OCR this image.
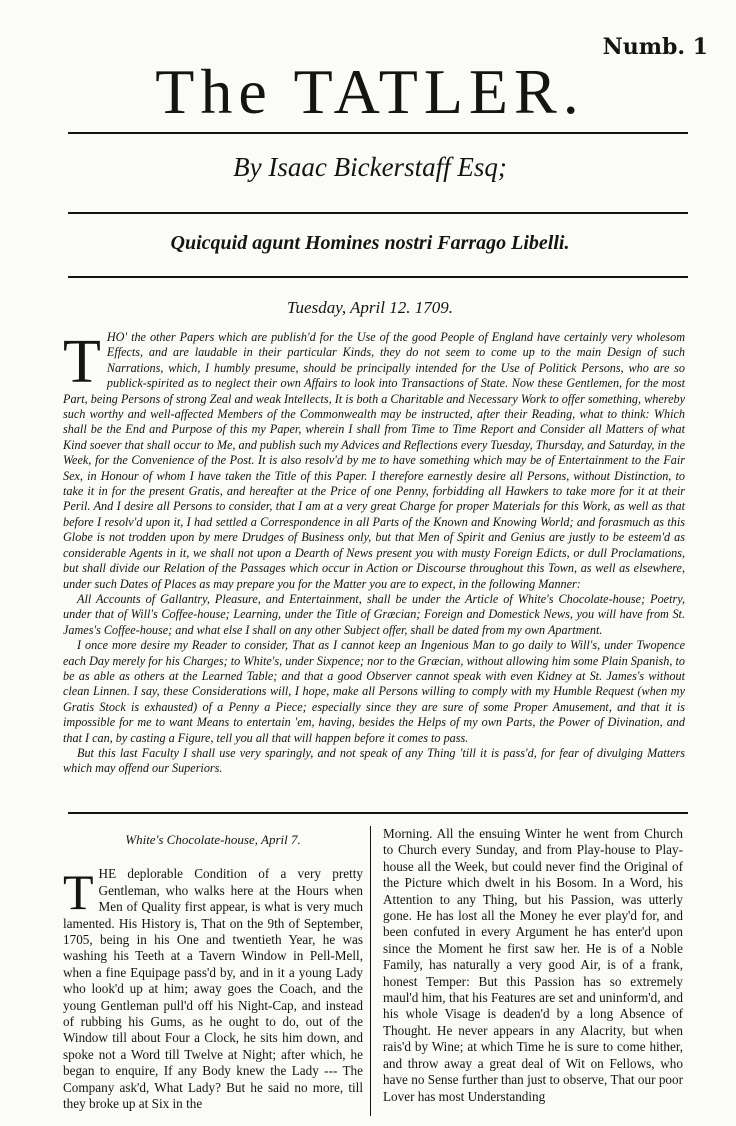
Numb. 1
The TATLER.
By Isaac Bickerstaff Esq;
Quicquid agunt Homines nostri Farrago Libelli.
Tuesday, April 12. 1709.

THO' the other Papers which are publish'd for the Use of the good People of England have certainly very wholesom Effects, and are laudable in their particular Kinds, they do not seem to come up to the main Design of such Narrations, which, I humbly presume, should be principally intended for the Use of Politick Persons, who are so publick-spirited as to neglect their own Affairs to look into Transactions of State. Now these Gentlemen, for the most Part, being Persons of strong Zeal and weak Intellects, It is both a Charitable and Necessary Work to offer something, whereby such worthy and well-affected Members of the Commonwealth may be instructed, after their Reading, what to think: Which shall be the End and Purpose of this my Paper, wherein I shall from Time to Time Report and Consider all Matters of what Kind soever that shall occur to Me, and publish such my Advices and Reflections every Tuesday, Thursday, and Saturday, in the Week, for the Convenience of the Post. It is also resolv'd by me to have something which may be of Entertainment to the Fair Sex, in Honour of whom I have taken the Title of this Paper. I therefore earnestly desire all Persons, without Distinction, to take it in for the present Gratis, and hereafter at the Price of one Penny, forbidding all Hawkers to take more for it at their Peril. And I desire all Persons to consider, that I am at a very great Charge for proper Materials for this Work, as well as that before I resolv'd upon it, I had settled a Correspondence in all Parts of the Known and Knowing World; and forasmuch as this Globe is not trodden upon by mere Drudges of Business only, but that Men of Spirit and Genius are justly to be esteem'd as considerable Agents in it, we shall not upon a Dearth of News present you with musty Foreign Edicts, or dull Proclamations, but shall divide our Relation of the Passages which occur in Action or Discourse throughout this Town, as well as elsewhere, under such Dates of Places as may prepare you for the Matter you are to expect, in the following Manner:

All Accounts of Gallantry, Pleasure, and Entertainment, shall be under the Article of White's Chocolate-house; Poetry, under that of Will's Coffee-house; Learning, under the Title of Græcian; Foreign and Domestick News, you will have from St. James's Coffee-house; and what else I shall on any other Subject offer, shall be dated from my own Apartment.

I once more desire my Reader to consider, That as I cannot keep an Ingenious Man to go daily to Will's, under Twopence each Day merely for his Charges; to White's, under Sixpence; nor to the Græcian, without allowing him some Plain Spanish, to be as able as others at the Learned Table; and that a good Observer cannot speak with even Kidney at St. James's without clean Linnen. I say, these Considerations will, I hope, make all Persons willing to comply with my Humble Request (when my Gratis Stock is exhausted) of a Penny a Piece; especially since they are sure of some Proper Amusement, and that it is impossible for me to want Means to entertain 'em, having, besides the Helps of my own Parts, the Power of Divination, and that I can, by casting a Figure, tell you all that will happen before it comes to pass.

But this last Faculty I shall use very sparingly, and not speak of any Thing 'till it is pass'd, for fear of divulging Matters which may offend our Superiors.

White's Chocolate-house, April 7.

THE deplorable Condition of a very pretty Gentleman, who walks here at the Hours when Men of Quality first appear, is what is very much lamented. His History is, That on the 9th of September, 1705, being in his One and twentieth Year, he was washing his Teeth at a Tavern Window in Pell-Mell, when a fine Equipage pass'd by, and in it a young Lady who look'd up at him; away goes the Coach, and the young Gentleman pull'd off his Night-Cap, and instead of rubbing his Gums, as he ought to do, out of the Window till about Four a Clock, he sits him down, and spoke not a Word till Twelve at Night; after which, he began to enquire, If any Body knew the Lady --- The Company ask'd, What Lady? But he said no more, till they broke up at Six in the

Morning. All the ensuing Winter he went from Church to Church every Sunday, and from Play-house to Play-house all the Week, but could never find the Original of the Picture which dwelt in his Bosom. In a Word, his Attention to any Thing, but his Passion, was utterly gone. He has lost all the Money he ever play'd for, and been confuted in every Argument he has enter'd upon since the Moment he first saw her. He is of a Noble Family, has naturally a very good Air, is of a frank, honest Temper: But this Passion has so extremely maul'd him, that his Features are set and uninform'd, and his whole Visage is deaden'd by a long Absence of Thought. He never appears in any Alacrity, but when rais'd by Wine; at which Time he is sure to come hither, and throw away a great deal of Wit on Fellows, who have no Sense further than just to observe, That our poor Lover has most Understanding
